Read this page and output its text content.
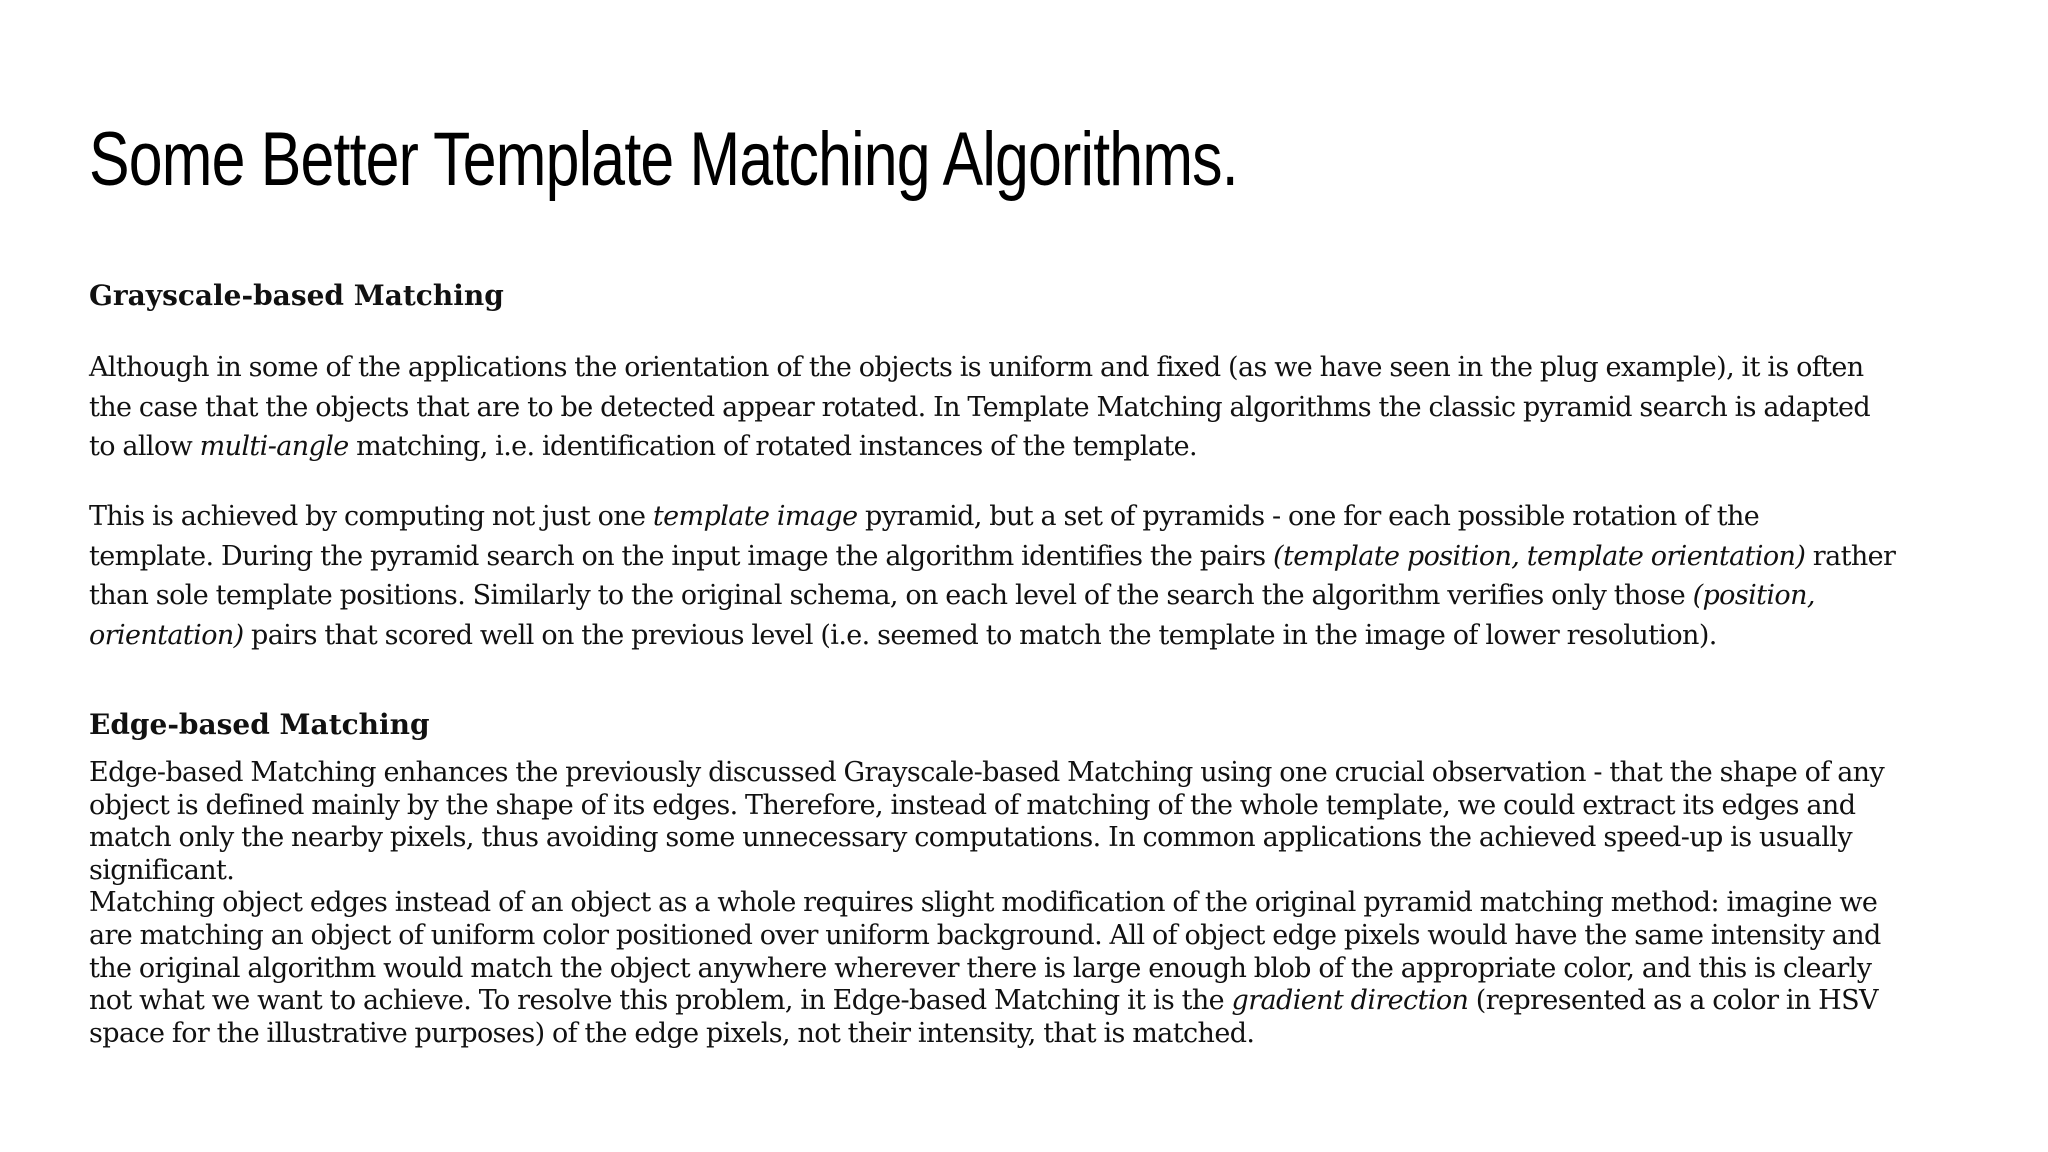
Some Better Template Matching Algorithms.
Grayscale-based Matching

Although in some of the applications the orientation of the objects is uniform and fixed (as we have seen in the plug example), it is often
the case that the objects that are to be detected appear rotated. In Template Matching algorithms the classic pyramid search is adapted
to allow multi-angle matching, i.e. identification of rotated instances of the template.

This is achieved by computing not just one template image pyramid, but a set of pyramids - one for each possible rotation of the
template. During the pyramid search on the input image the algorithm identifies the pairs (template position, template orientation) rather
than sole template positions. Similarly to the original schema, on each level of the search the algorithm verifies only those (position,
orientation) pairs that scored well on the previous level (i.e. seemed to match the template in the image of lower resolution).

Edge-based Matching

Edge-based Matching enhances the previously discussed Grayscale-based Matching using one crucial observation - that the shape of any
object is defined mainly by the shape of its edges. Therefore, instead of matching of the whole template, we could extract its edges and
match only the nearby pixels, thus avoiding some unnecessary computations. In common applications the achieved speed-up is usually
significant.
Matching object edges instead of an object as a whole requires slight modification of the original pyramid matching method: imagine we
are matching an object of uniform color positioned over uniform background. All of object edge pixels would have the same intensity and
the original algorithm would match the object anywhere wherever there is large enough blob of the appropriate color, and this is clearly
not what we want to achieve. To resolve this problem, in Edge-based Matching it is the gradient direction (represented as a color in HSV
space for the illustrative purposes) of the edge pixels, not their intensity, that is matched.
